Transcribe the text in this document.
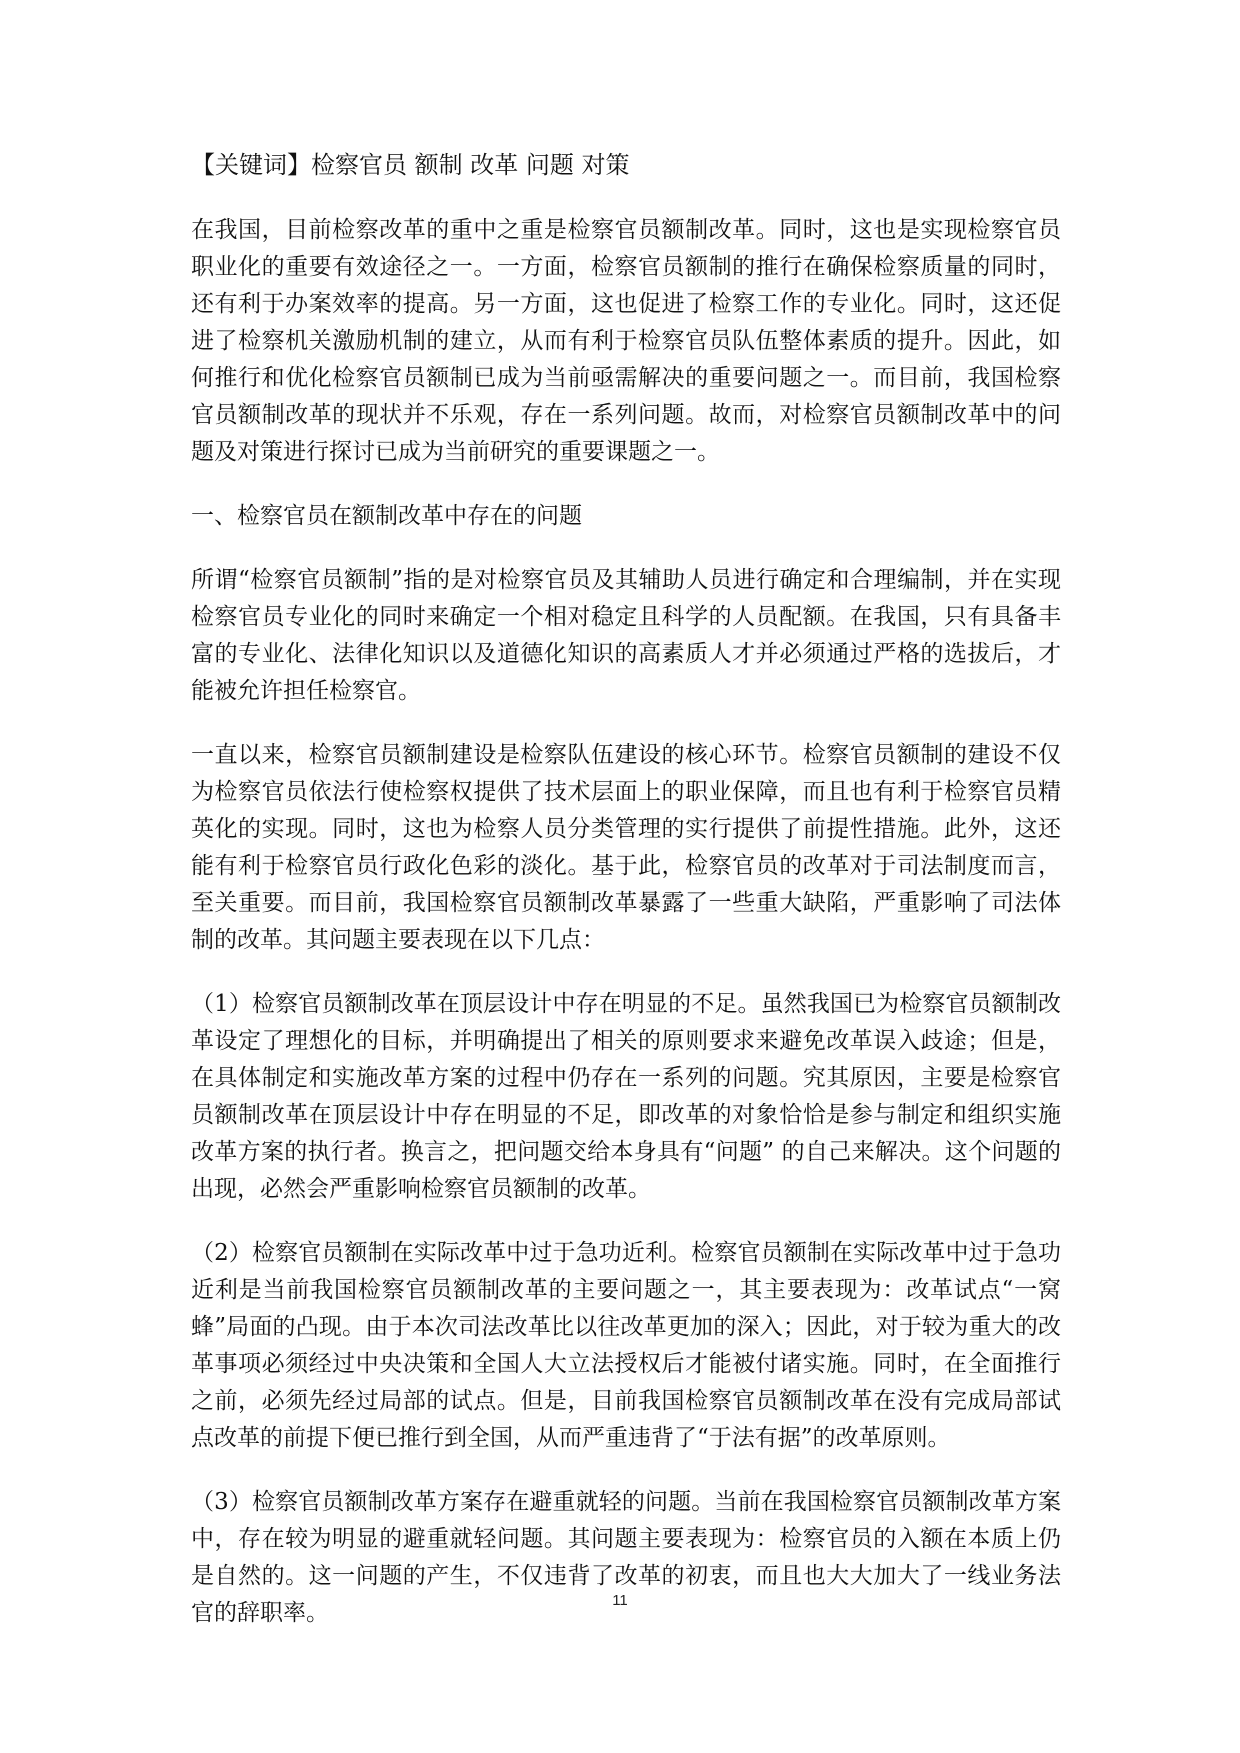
【关键词】检察官员 额制 改革 问题 对策

在我国，目前检察改革的重中之重是检察官员额制改革。同时，这也是实现检察官员职业化的重要有效途径之一。一方面，检察官员额制的推行在确保检察质量的同时，还有利于办案效率的提高。另一方面，这也促进了检察工作的专业化。同时，这还促进了检察机关激励机制的建立，从而有利于检察官员队伍整体素质的提升。因此，如何推行和优化检察官员额制已成为当前亟需解决的重要问题之一。而目前，我国检察官员额制改革的现状并不乐观，存在一系列问题。故而，对检察官员额制改革中的问题及对策进行探讨已成为当前研究的重要课题之一。

一、检察官员在额制改革中存在的问题

所谓“检察官员额制”指的是对检察官员及其辅助人员进行确定和合理编制，并在实现检察官员专业化的同时来确定一个相对稳定且科学的人员配额。在我国，只有具备丰富的专业化、法律化知识以及道德化知识的高素质人才并必须通过严格的选拔后，才能被允许担任检察官。

一直以来，检察官员额制建设是检察队伍建设的核心环节。检察官员额制的建设不仅为检察官员依法行使检察权提供了技术层面上的职业保障，而且也有利于检察官员精英化的实现。同时，这也为检察人员分类管理的实行提供了前提性措施。此外，这还能有利于检察官员行政化色彩的淡化。基于此，检察官员的改革对于司法制度而言，至关重要。而目前，我国检察官员额制改革暴露了一些重大缺陷，严重影响了司法体制的改革。其问题主要表现在以下几点：

（1）检察官员额制改革在顶层设计中存在明显的不足。虽然我国已为检察官员额制改革设定了理想化的目标，并明确提出了相关的原则要求来避免改革误入歧途；但是，在具体制定和实施改革方案的过程中仍存在一系列的问题。究其原因，主要是检察官员额制改革在顶层设计中存在明显的不足，即改革的对象恰恰是参与制定和组织实施改革方案的执行者。换言之，把问题交给本身具有“问题” 的自己来解决。这个问题的出现，必然会严重影响检察官员额制的改革。

（2）检察官员额制在实际改革中过于急功近利。检察官员额制在实际改革中过于急功近利是当前我国检察官员额制改革的主要问题之一，其主要表现为：改革试点“一窝蜂”局面的凸现。由于本次司法改革比以往改革更加的深入；因此，对于较为重大的改革事项必须经过中央决策和全国人大立法授权后才能被付诸实施。同时，在全面推行之前，必须先经过局部的试点。但是，目前我国检察官员额制改革在没有完成局部试点改革的前提下便已推行到全国，从而严重违背了“于法有据”的改革原则。

（3）检察官员额制改革方案存在避重就轻的问题。当前在我国检察官员额制改革方案中，存在较为明显的避重就轻问题。其问题主要表现为：检察官员的入额在本质上仍是自然的。这一问题的产生，不仅违背了改革的初衷，而且也大大加大了一线业务法官的辞职率。	11
